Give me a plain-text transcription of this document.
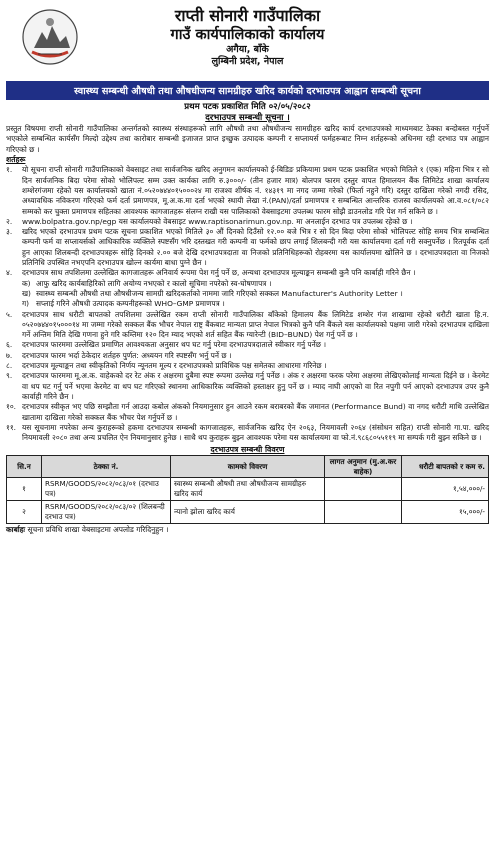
राप्ती सोनारी गाउँपालिका
गाउँ कार्यपालिकाको कार्यालय
अगैया, बाँके
लुम्बिनी प्रदेश, नेपाल
स्वास्थ्य सम्बन्धी औषधी तथा औषधीजन्य सामग्रीहरु खरिद कार्यको दरभाउपत्र आह्वान सम्बन्धी सूचना
प्रथम पटक प्रकाशित मिति ०२/०५/२०८२
दरभाउपत्र सम्बन्धी सूचना ।

प्रस्तुत विषयमा राप्ती सोनारी गाउँपालिका अन्तर्गतको स्वास्थ्य संस्थाहरूको लागि औषधी तथा औषधीजन्य सामग्रीहरु खरिद कार्य दरभाउपत्रको माध्यमबाट ठेक्का बन्दोबस्त गर्नुपर्ने भएकोले सम्बन्धित कार्यसँग मिल्दो उद्देश्य तथा कारोबार सम्बन्धी इजाजत प्राप्त इच्छुक उत्पादक कम्पनी र सप्लायर्स फर्महरूबाट निम्न शर्तहरूको अधिनमा रही दरभाउ पत्र आह्वान गरिएको छ ।

शर्तहरू
१.	यो सूचना राप्ती सोनारी गाउँपालिकाको वेबसाइट तथा सार्वजनिक खरिद अनुगमन कार्यालयको ई-बिडिङ प्रकियामा प्रथम पटक प्रकाशित भएको मितिले १ (एक) महिना भित्र र सो दिन सार्वजनिक बिदा परेमा सोको भोलिपल्ट सम्म उक्त कार्यका लागि रु.३०००/- (तीन हजार मात्र) बोलपत्र फारम दस्तुर वापत हिमालयन बैंक लिमिटेड शाखा कार्यालय शम्शेरगंजमा रहेको यस कार्यालयको खाता नं.०५२०७४४०१५०००२४ मा राजश्व शीर्षक नं. १४३१९ मा नगद जम्मा गरेको (फिर्ता नहुने गरि) दस्तुर दाखिला गरेको नगदी रसिद, अध्यावधिक नविकरण गरिएको फर्म दर्ता प्रमाणपत्र, मू.अ.क.मा दर्ता भएको स्थायी लेखा नं.(PAN)/दर्ता प्रमाणपत्र र सम्बन्धित आन्तरिक राजस्व कार्यालयको आ.व.०८१/०८२ सम्मको कर चुक्ता प्रमाणपत्र सहितका आवश्यक कागजातहरू संलग्न राखी यस पालिकाको वेबसाइटमा उपलब्ध फारम सोझै डाउनलोड गरि पेश गर्न सकिने छ ।
२.	www.bolpatra.gov.np/egp यस कार्यालयको वेबसाइट www.raptisonarimun.gov.np. मा अनलाईन दरभाउ पत्र उपलब्ध रहेको छ ।
३.	खरिद भएको दरभाउपत्र प्रथम पटक सूचना प्रकाशित भएको मितिले ३० औं दिनको दिउँसो १२.०० बजे भित्र र सो दिन बिदा परेमा सोको भोलिपल्ट सोहि समय भित्र सम्बन्धित कम्पनी फर्म वा सप्लायर्सको आधिकारिक व्यक्तिले स्पष्टसँग भरि दस्तखत गरी कम्पनी वा फर्मको छाप लगाई शिलबन्दी गरी यस कार्यालयमा दर्ता गरी सक्नुपर्नेछ । रितपूर्वक दर्ता हुन आएका शिलबन्दी दरभाउपत्रहरू सोहि दिनको २.०० बजे देखि दरभाउपत्रदाता वा निजको प्रतिनिधिहरूको रोहबरमा यस कार्यालयमा खोलिने छ । दरभाउपत्रदाता वा निजको प्रतिनिधि उपस्थित नभएपनि दरभाउपत्र खोल्न कार्यमा बाधा पुग्ने छैन ।
४.	दरभाउपत्र साथ तपशिलमा उल्लेखित कागजातहरू अनिवार्य रूपमा पेश गर्नु पर्ने छ, अन्यथा दरभाउपत्र मूल्याङ्कन सम्बन्धी कुनै पनि कार्बाही गरिने छैन ।
क) आफु खरिद कार्यबाहिरिको लागि अयोग्य नभएको र कालो सूचिमा नपरेको स्व-घोषणापत्र ।
ख) स्वास्थ्य सम्बन्धी औषधी तथा औषधीजन्य सामग्री खरिदकर्ताको नाममा जारि गरिएको सक्कल Manufacturer's Authority Letter ।
ग) सप्लाई गरिने औषधी उत्पादक कम्पनीहरूको WHO–GMP प्रमाणपत्र ।
५.	दरभाउपत्र साथ धरौटी बापतको तपशिलमा उल्लेखित रकम राप्ती सोनारी गाउँपालिका बाँकेको हिमालय बैंक लिमिटेड शम्शेर गंज शाखामा रहेको धरौटी खाता हि.न. ०५२०७४४०१५०००१४ मा जम्मा गरेको सक्कल बैंक भौचर नेपाल राष्ट्र बैंकबाट मान्यता प्राप्त नेपाल भित्रको कुनै पनि बैंकले यस कार्यालयको पक्षमा जारी गरेको दरभाउपत्र दाखिला गर्ने अन्तिम मिति देखि गणना हुने गरि कम्तिमा १२० दिन म्याद भएको शर्त सहित बैंक ग्यारेन्टी (BID–BUND) पेश गर्नु पर्ने छ ।
६.	दरभाउपत्र फारममा उल्लेखित प्रमाणित आवश्यकता अनुसार थप घट गर्नु परेमा दरभाउपत्रदाताले स्वीकार गर्नु पर्नेछ ।
७.	दरभाउपत्र फारम भर्दा ठेकेदार शर्तहरु पुर्णत: अध्ययन गरि स्पष्टसँग भर्नु पर्ने छ ।
८.	दरभाउपत्र मूल्याङ्कन तथा स्वीकृतिको निर्णय न्यूनतम मूल्य र दरभाउपत्रको प्राविधिक पक्ष समेतका आधारमा गरिनेछ ।
९.	दरभाउपत्र फारममा मू.अ.क. वाहेकको दर रेट अंक र अक्षरमा दुबैमा स्पष्ट रूपमा उल्लेख गर्नु पर्नेछ । अंक र अक्षरमा फरक परेमा अक्षरमा लेखिएकोलाई मान्यता दिईने छ । केरमेट वा थप घट गर्नु पर्ने भएमा केरमेट वा थप घट गरिएको स्थानमा आधिकारिक व्यक्तिको हस्ताक्षर हुनु पर्ने छ । म्याद नाघी आएको वा रित नपुगी पर्न आएको दरभाउपत्र उपर कुनै कार्वाही गरिने छैन ।
१०. दरभाउपत्र स्वीकृत भए पछि सम्झौता गर्न आउदा कबोल अंकको नियमानुसार हुन आउने रकम बराबरको बैंक जमानत (Performance Bund) वा नगद धरौटी माथि उल्लेखित खातामा दाखिला गरेको सक्कल बैंक भौचर पेश गर्नुपर्ने छ ।
११. यस सूचनामा नपरेका अन्य कुराहरूको हकमा दरभाउपत्र सम्बन्धी कागजातहरू, सार्वजनिक खरिद ऐन २०६३, नियमावली २०६४ (संसोधन सहित) राप्ती सोनारी गा.पा. खरिद नियमावली २०८० तथा अन्य प्रचलित ऐन नियमानुसार हुनेछ । साथै थप कुराहरू बुझ्न आवश्यक परेमा यस कार्यालयमा वा फो.नं.९८६८०५५११९ मा सम्पर्क गरी बुझ्न सकिने छ ।
दरभाउपत्र सम्बन्धी विवरण
सि.न	ठेक्का नं.	कामको विवरण	लागत अनुमान (मु.अ.कर बाहेक)	धरौटी बापतको र कम रु.
१	RSRM/GOODS/२०८२/०८३/०१ (दरभाउ पत्र)	स्वास्थ्य सम्बन्धी औषधी तथा औषधीजन्य सामग्रीहरु खरिद कार्य		१,५४,०००/-
२	RSRM/GOODS/२०८२/०८३/०२ (शिलबन्दी दरभाउ पत्र)	न्यानो झोला खरिद कार्य		१५,०००/-
कार्बाहः सूचना प्रविधि शाखा वेबसाइटमा अपलोड गरिदिनुहुन ।
